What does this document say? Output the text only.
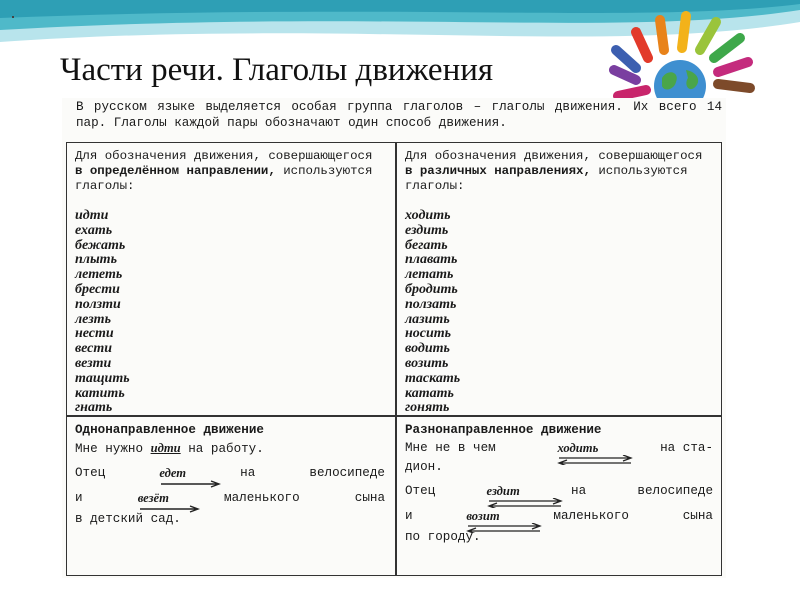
Части речи. Глаголы движения
В русском языке выделяется особая группа глаголов – глаголы движения. Их всего 14 пар. Глаголы каждой пары обозначают один способ движения.
Для обозначения движения, совершающегося в определённом направлении, используются глаголы:
идти
ехать
бежать
плыть
лететь
брести
ползти
лезть
нести
вести
везти
тащить
катить
гнать
Для обозначения движения, совершающегося в различных направлениях, используются глаголы:
ходить
ездить
бегать
плавать
летать
бродить
ползать
лазить
носить
водить
возить
таскать
катать
гонять
Однонаправленное движение
Мне нужно идти на работу.
Отец	едет	на	велосипеде
и	везёт	маленького	сына
в детский сад.
Разнонаправленное движение
Мне не в чем	ходить	на ста-
дион.
Отец	ездит	на	велосипеде
и	возит	маленького	сына
по городу.
